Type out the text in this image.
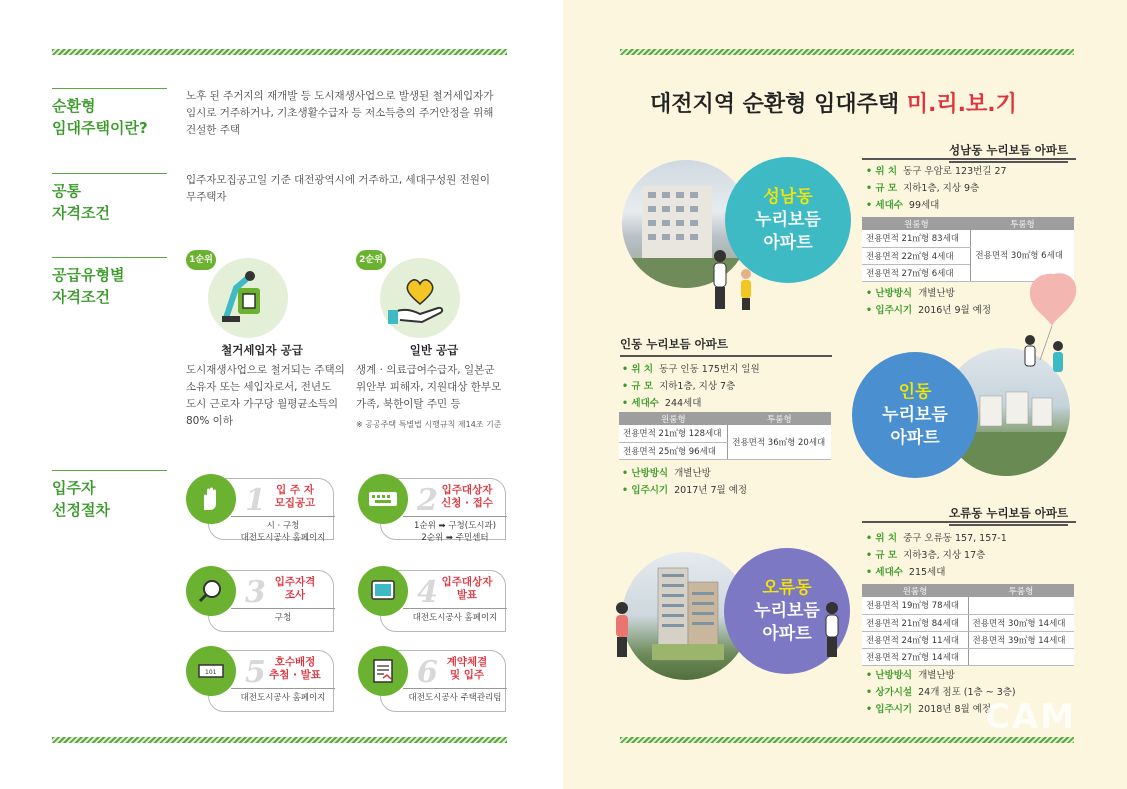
순환형
임대주택이란?
노후 된 주거지의 재개발 등 도시재생사업으로 발생된 철거세입자가
임시로 거주하거나, 기초생활수급자 등 저소득층의 주거안정을 위해
건설한 주택
공통
자격조건
입주자모집공고일 기준 대전광역시에 거주하고, 세대구성원 전원이
무주택자
공급유형별
자격조건
1순위
철거세입자 공급
도시재생사업으로 철거되는 주택의
소유자 또는 세입자로서, 전년도
도시 근로자 가구당 월평균소득의
80% 이하
2순위
일반 공급
생계 · 의료급여수급자, 일본군
위안부 피해자, 지원대상 한부모
가족, 북한이탈 주민 등
※ 공공주택 특별법 시행규칙 제14조 기준
입주자
선정절차	1 입 주 자
모집공고
시 · 구청
대전도시공사 홈페이지
2 입주대상자
신청 · 접수
1순위 ➡ 구청(도시과)
2순위 ➡ 주민센터
3 입주자격
조사
구청
4 입주대상자
발표
대전도시공사 홈페이지
101 5 호수배정
추첨 · 발표
대전도시공사 홈페이지
6 계약체결
및 입주
대전도시공사 주택관리팀
대전지역 순환형 임대주택 미.리.보.기
성남동
누리보듬
아파트
성남동 누리보듬 아파트
• 위 치 동구 우암로 123번길 27
• 규 모 지하1층, 지상 9층
• 세대수 99세대
원룸형	투룸형
전용면적 21㎡형 83세대	전용면적 30㎡형 6세대
전용면적 22㎡형 4세대	
전용면적 27㎡형 6세대	
• 난방방식 개별난방
• 입주시기 2016년 9월 예정
인동 누리보듬 아파트
• 위 치 동구 인동 175번지 일원
• 규 모 지하1층, 지상 7층
• 세대수 244세대
원룸형	투룸형
전용면적 21㎡형 128세대	전용면적 36㎡형 20세대
전용면적 25㎡형 96세대	
• 난방방식 개별난방
• 입주시기 2017년 7월 예정
인동
누리보듬
아파트
오류동 누리보듬 아파트
• 위 치 중구 오류동 157, 157-1
• 규 모 지하3층, 지상 17층
• 세대수 215세대
원룸형	투룸형
전용면적 19㎡형 78세대	
전용면적 21㎡형 84세대	전용면적 30㎡형 14세대
전용면적 24㎡형 11세대	전용면적 39㎡형 14세대
전용면적 27㎡형 14세대	
• 난방방식 개별난방
• 상가시설 24개 점포 (1층 ~ 3층)
• 입주시기 2018년 8월 예정
오류동
누리보듬
아파트
CAM
